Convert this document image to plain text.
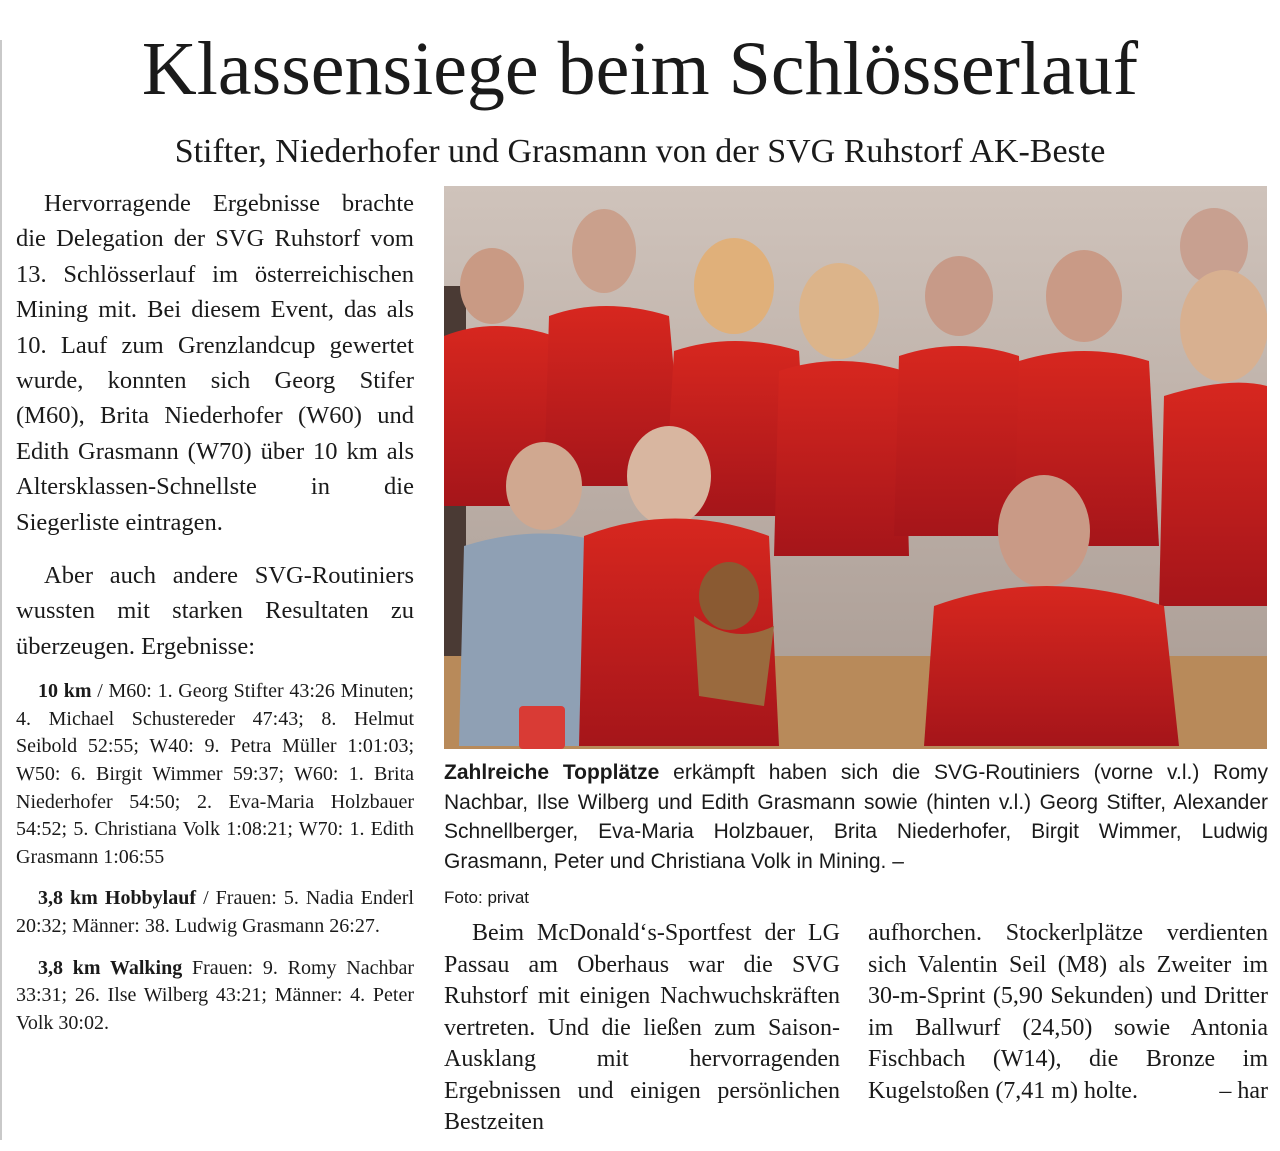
Klassensiege beim Schlösserlauf
Stifter, Niederhofer und Grasmann von der SVG Ruhstorf AK-Beste

Hervorragende Ergebnisse brachte die Delegation der SVG Ruhstorf vom 13. Schlösserlauf im österreichischen Mining mit. Bei diesem Event, das als 10. Lauf zum Grenzlandcup gewertet wurde, konnten sich Georg Stifer (M60), Brita Niederhofer (W60) und Edith Grasmann (W70) über 10 km als Altersklassen-Schnellste in die Siegerliste eintragen.

Aber auch andere SVG-Routiniers wussten mit starken Resultaten zu überzeugen. Ergebnisse:

10 km / M60: 1. Georg Stifter 43:26 Minuten; 4. Michael Schustereder 47:43; 8. Helmut Seibold 52:55; W40: 9. Petra Müller 1:01:03; W50: 6. Birgit Wimmer 59:37; W60: 1. Brita Niederhofer 54:50; 2. Eva-Maria Holzbauer 54:52; 5. Christiana Volk 1:08:21; W70: 1. Edith Grasmann 1:06:55

3,8 km Hobbylauf / Frauen: 5. Nadia Enderl 20:32; Männer: 38. Ludwig Grasmann 26:27.

3,8 km Walking Frauen: 9. Romy Nachbar 33:31; 26. Ilse Wilberg 43:21; Männer: 4. Peter Volk 30:02.

Zahlreiche Topplätze erkämpft haben sich die SVG-Routiniers (vorne v.l.) Romy Nachbar, Ilse Wilberg und Edith Grasmann sowie (hinten v.l.) Georg Stifter, Alexander Schnellberger, Eva-Maria Holzbauer, Brita Niederhofer, Birgit Wimmer, Ludwig Grasmann, Peter und Christiana Volk in Mining. –
Foto: privat

Beim McDonald‘s-Sportfest der LG Passau am Oberhaus war die SVG Ruhstorf mit einigen Nachwuchskräften vertreten. Und die ließen zum Saison-Ausklang mit hervorragenden Ergebnissen und einigen persönlichen Bestzeiten

aufhorchen. Stockerlplätze verdienten sich Valentin Seil (M8) als Zweiter im 30-m-Sprint (5,90 Sekunden) und Dritter im Ballwurf (24,50) sowie Antonia Fischbach (W14), die Bronze im Kugelstoßen (7,41 m) holte.	– har
